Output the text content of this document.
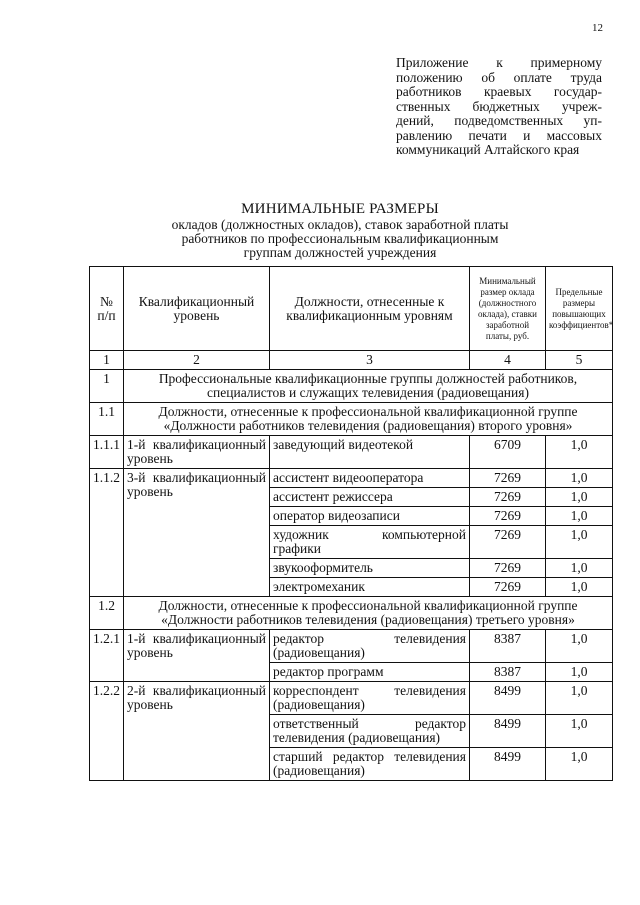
12
Приложение к примерному
положению об оплате труда
работников краевых государ-
ственных бюджетных учреж-
дений, подведомственных уп-
равлению печати и массовых
коммуникаций Алтайского края
МИНИМАЛЬНЫЕ РАЗМЕРЫ
окладов (должностных окладов), ставок заработной платы
работников по профессиональным квалификационным
группам должностей учреждения
№ п/п	Квалификационный уровень	Должности, отнесенные к квалификационным уровням	Минимальный размер оклада (должностного оклада), ставки заработной платы, руб.	Предельные размеры повышающих коэффициентов*
1	2	3	4	5
1	Профессиональные квалификационные группы должностей работников, специалистов и служащих телевидения (радиовещания)			
1.1	Должности, отнесенные к профессиональной квалификационной группе «Должности работников телевидения (радиовещания) второго уровня»			
1.1.1	1-й квалификационный уровень	заведующий видеотекой	6709	1,0
1.1.2	3-й квалификационный уровень	ассистент видеооператора	7269	1,0
		ассистент режиссера	7269	1,0
		оператор видеозаписи	7269	1,0
		художник компьютерной графики	7269	1,0
		звукооформитель	7269	1,0
		электромеханик	7269	1,0
1.2	Должности, отнесенные к профессиональной квалификационной группе «Должности работников телевидения (радиовещания) третьего уровня»			
1.2.1	1-й квалификационный уровень	редактор телевидения (радиовещания)	8387	1,0
		редактор программ	8387	1,0
1.2.2	2-й квалификационный уровень	корреспондент телевидения (радиовещания)	8499	1,0
		ответственный редактор телевидения (радиовещания)	8499	1,0
		старший редактор телевидения (радиовещания)	8499	1,0
